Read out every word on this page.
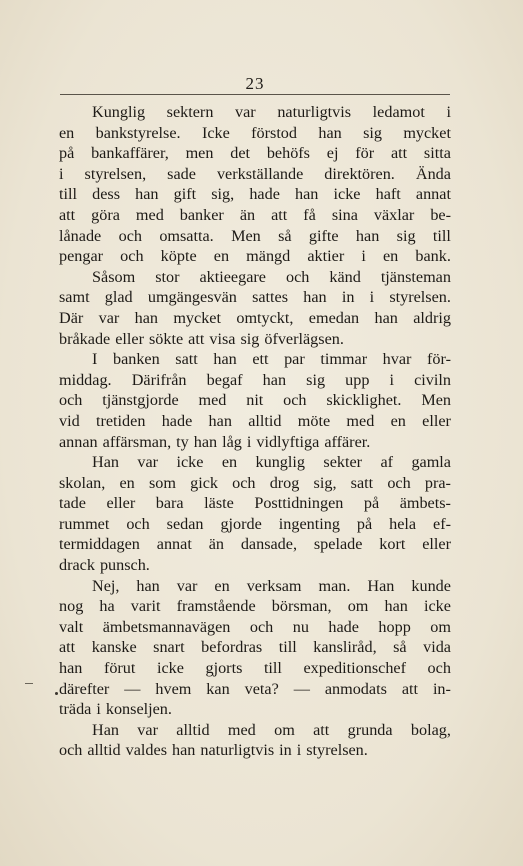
23
Kunglig sektern var naturligtvis ledamot i
en bankstyrelse. Icke förstod han sig mycket
på bankaffärer, men det behöfs ej för att sitta
i styrelsen, sade verkställande direktören. Ända
till dess han gift sig, hade han icke haft annat
att göra med banker än att få sina växlar be-
lånade och omsatta. Men så gifte han sig till
pengar och köpte en mängd aktier i en bank.
Såsom stor aktieegare och känd tjänsteman
samt glad umgängesvän sattes han in i styrelsen.
Där var han mycket omtyckt, emedan han aldrig
bråkade eller sökte att visa sig öfverlägsen.
I banken satt han ett par timmar hvar för-
middag. Därifrån begaf han sig upp i civiln
och tjänstgjorde med nit och skicklighet. Men
vid tretiden hade han alltid möte med en eller
annan affärsman, ty han låg i vidlyftiga affärer.
Han var icke en kunglig sekter af gamla
skolan, en som gick och drog sig, satt och pra-
tade eller bara läste Posttidningen på ämbets-
rummet och sedan gjorde ingenting på hela ef-
termiddagen annat än dansade, spelade kort eller
drack punsch.
Nej, han var en verksam man. Han kunde
nog ha varit framstående börsman, om han icke
valt ämbetsmannavägen och nu hade hopp om
att kanske snart befordras till kansliråd, så vida
han förut icke gjorts till expeditionschef och
därefter — hvem kan veta? — anmodats att in-
träda i konseljen.
Han var alltid med om att grunda bolag,
och alltid valdes han naturligtvis in i styrelsen.
